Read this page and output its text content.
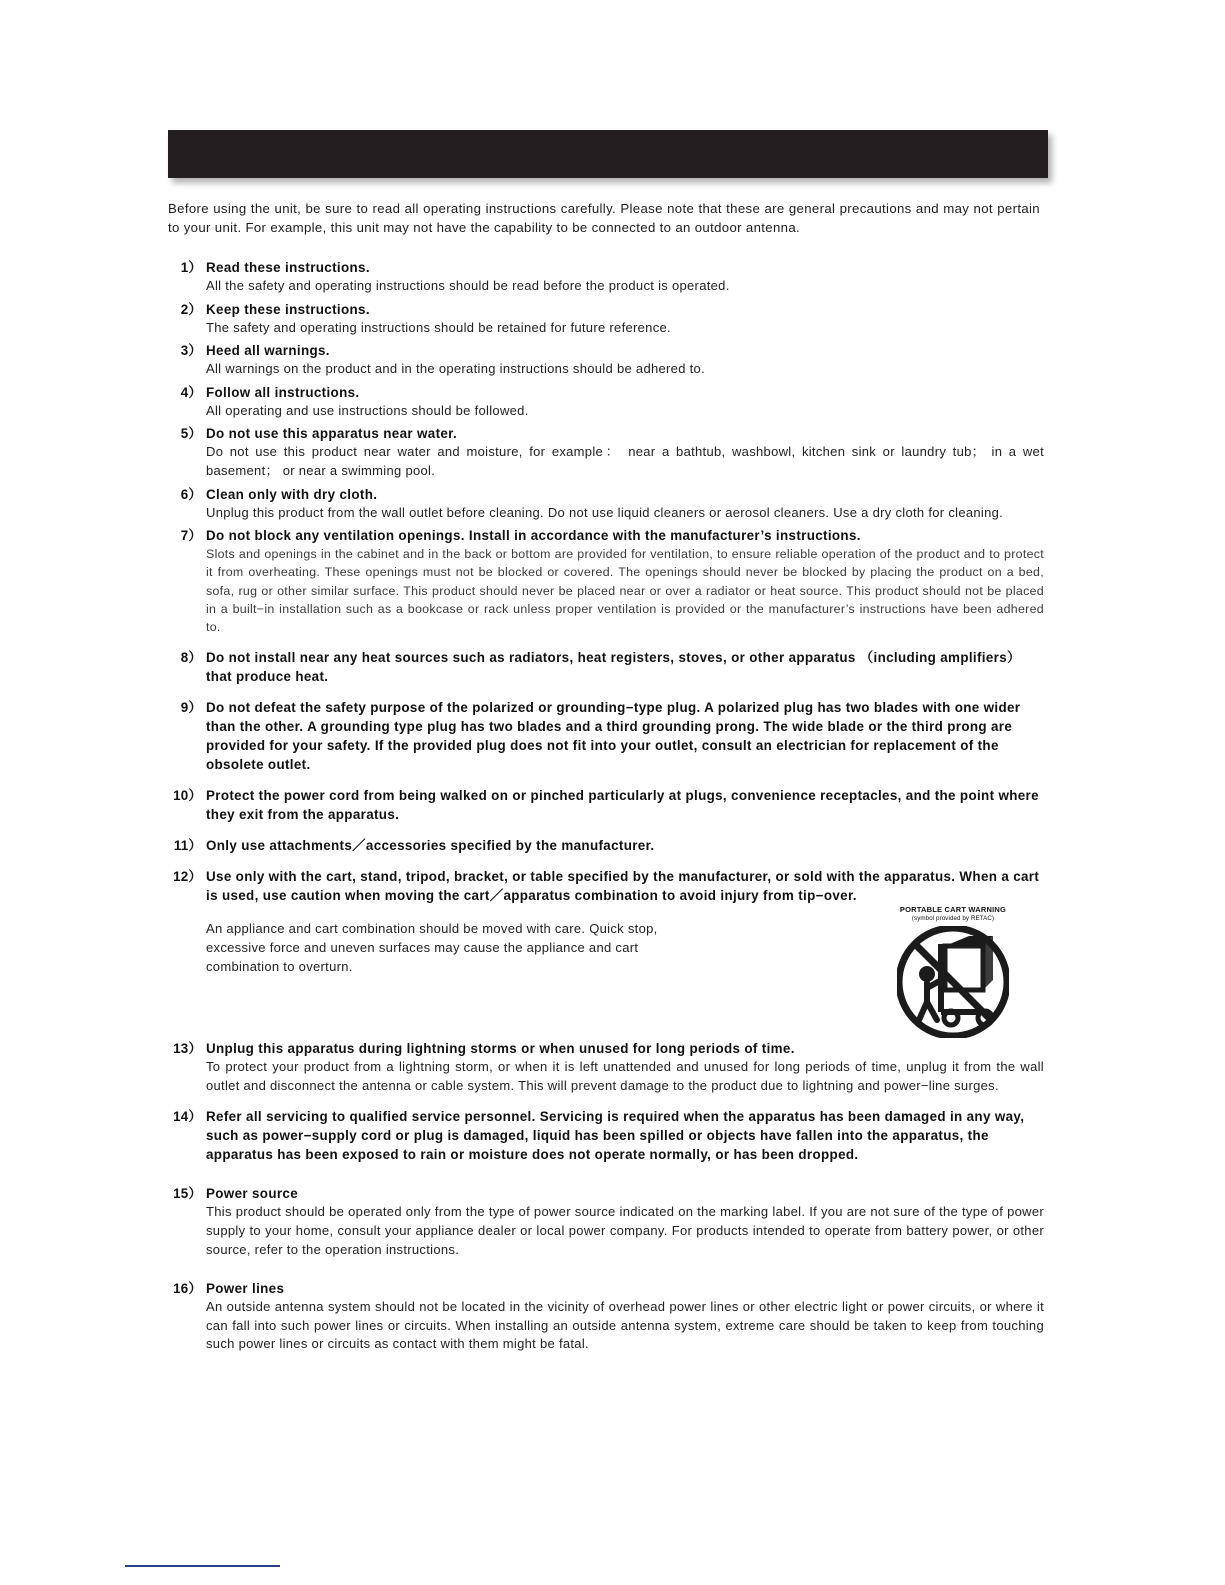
Before using the unit, be sure to read all operating instructions carefully. Please note that these are general precautions and may not pertain to your unit. For example, this unit may not have the capability to be connected to an outdoor antenna.
1） Read these instructions.
All the safety and operating instructions should be read before the product is operated.
2） Keep these instructions.
The safety and operating instructions should be retained for future reference.
3） Heed all warnings.
All warnings on the product and in the operating instructions should be adhered to.
4） Follow all instructions.
All operating and use instructions should be followed.
5） Do not use this apparatus near water.
Do not use this product near water and moisture, for example： near a bathtub, washbowl, kitchen sink or laundry tub； in a wet basement； or near a swimming pool.
6） Clean only with dry cloth.
Unplug this product from the wall outlet before cleaning. Do not use liquid cleaners or aerosol cleaners. Use a dry cloth for cleaning.
7） Do not block any ventilation openings. Install in accordance with the manufacturer’s instructions.
Slots and openings in the cabinet and in the back or bottom are provided for ventilation, to ensure reliable operation of the product and to protect it from overheating. These openings must not be blocked or covered. The openings should never be blocked by placing the product on a bed, sofa, rug or other similar surface. This product should never be placed near or over a radiator or heat source. This product should not be placed in a built−in installation such as a bookcase or rack unless proper ventilation is provided or the manufacturer’s instructions have been adhered to.
8） Do not install near any heat sources such as radiators, heat registers, stoves, or other apparatus （including amplifiers） that produce heat.
9） Do not defeat the safety purpose of the polarized or grounding−type plug. A polarized plug has two blades with one wider than the other. A grounding type plug has two blades and a third grounding prong. The wide blade or the third prong are provided for your safety. If the provided plug does not fit into your outlet, consult an electrician for replacement of the obsolete outlet.
10） Protect the power cord from being walked on or pinched particularly at plugs, convenience receptacles, and the point where they exit from the apparatus.
11） Only use attachments／accessories specified by the manufacturer.
12） Use only with the cart, stand, tripod, bracket, or table specified by the manufacturer, or sold with the apparatus. When a cart is used, use caution when moving the cart／apparatus combination to avoid injury from tip−over.
An appliance and cart combination should be moved with care. Quick stop, excessive force and uneven surfaces may cause the appliance and cart combination to overturn.
PORTABLE CART WARNING
(symbol provided by RETAC)
13） Unplug this apparatus during lightning storms or when unused for long periods of time.
To protect your product from a lightning storm, or when it is left unattended and unused for long periods of time, unplug it from the wall outlet and disconnect the antenna or cable system. This will prevent damage to the product due to lightning and power−line surges.
14） Refer all servicing to qualified service personnel. Servicing is required when the apparatus has been damaged in any way, such as power−supply cord or plug is damaged, liquid has been spilled or objects have fallen into the apparatus, the apparatus has been exposed to rain or moisture does not operate normally, or has been dropped.
15） Power source
This product should be operated only from the type of power source indicated on the marking label. If you are not sure of the type of power supply to your home, consult your appliance dealer or local power company. For products intended to operate from battery power, or other source, refer to the operation instructions.
16） Power lines
An outside antenna system should not be located in the vicinity of overhead power lines or other electric light or power circuits, or where it can fall into such power lines or circuits. When installing an outside antenna system, extreme care should be taken to keep from touching such power lines or circuits as contact with them might be fatal.
